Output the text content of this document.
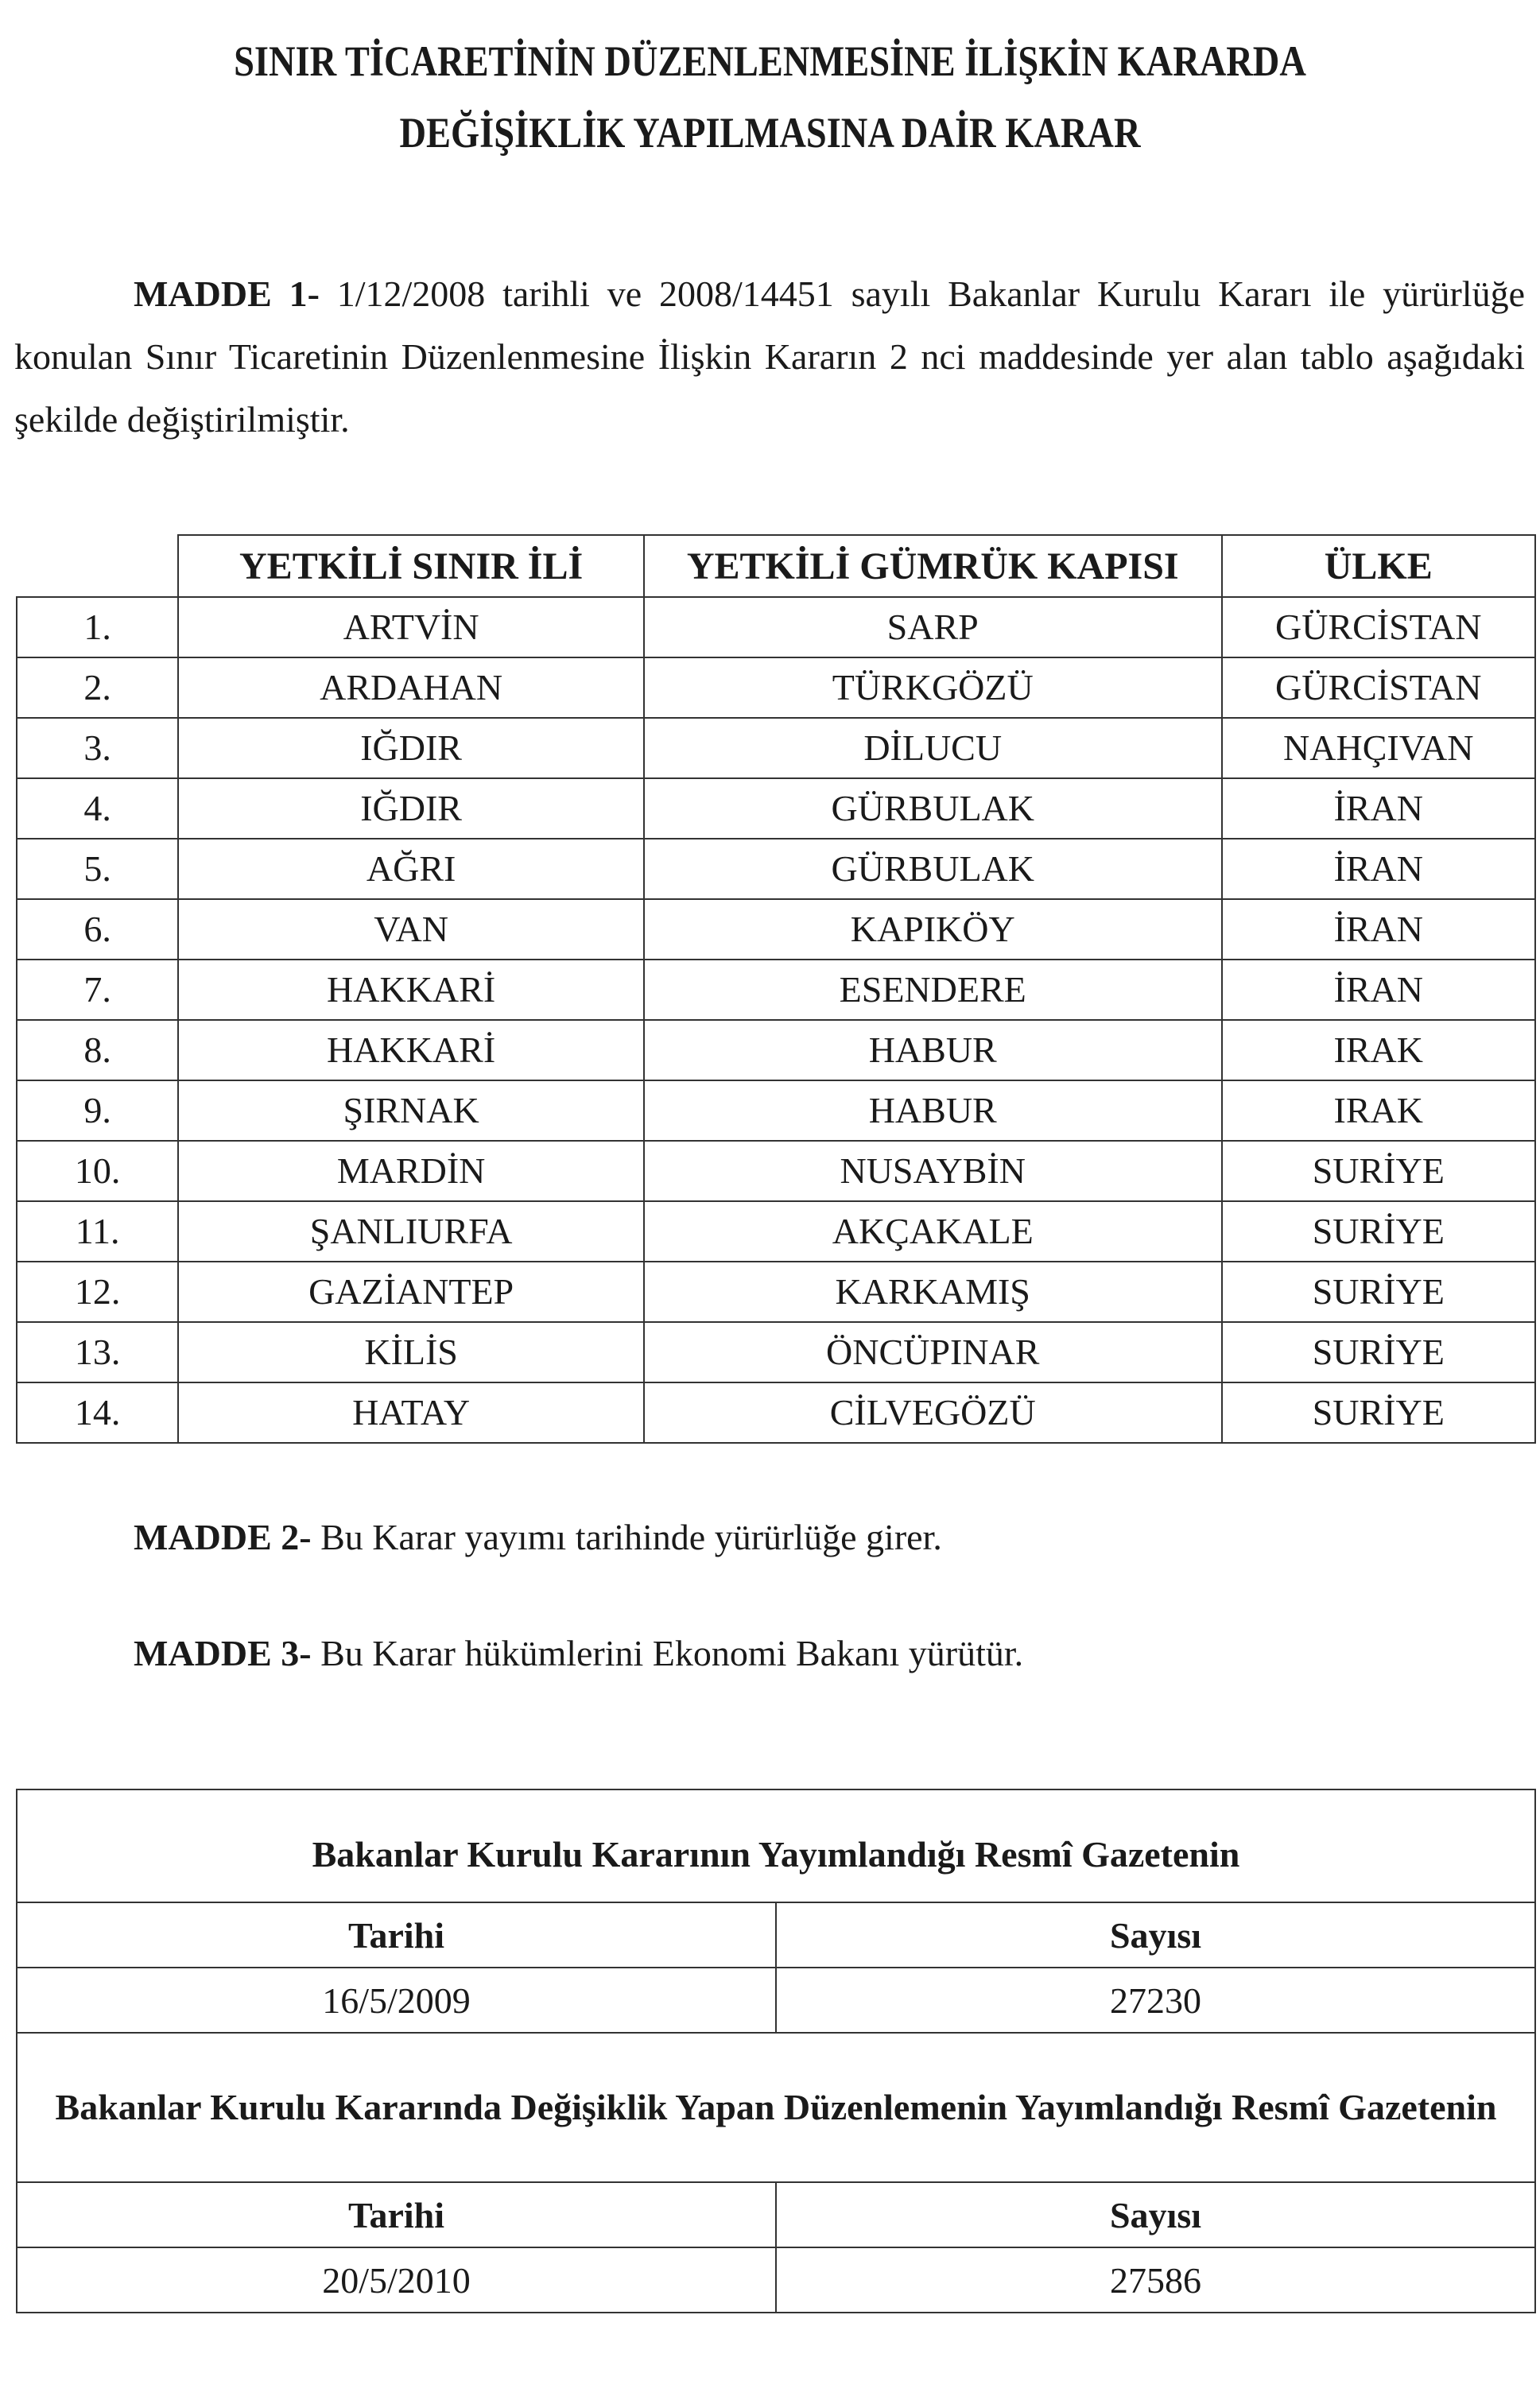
SINIR TİCARETİNİN DÜZENLENMESİNE İLİŞKİN KARARDA
DEĞİŞİKLİK YAPILMASINA DAİR KARAR
MADDE 1- 1/12/2008 tarihli ve 2008/14451 sayılı Bakanlar Kurulu Kararı ile yürürlüğe konulan Sınır Ticaretinin Düzenlenmesine İlişkin Kararın 2 nci maddesinde yer alan tablo aşağıdaki şekilde değiştirilmiştir.
	YETKİLİ SINIR İLİ	YETKİLİ GÜMRÜK KAPISI	ÜLKE
1.	ARTVİN	SARP	GÜRCİSTAN
2.	ARDAHAN	TÜRKGÖZÜ	GÜRCİSTAN
3.	IĞDIR	DİLUCU	NAHÇIVAN
4.	IĞDIR	GÜRBULAK	İRAN
5.	AĞRI	GÜRBULAK	İRAN
6.	VAN	KAPIKÖY	İRAN
7.	HAKKARİ	ESENDERE	İRAN
8.	HAKKARİ	HABUR	IRAK
9.	ŞIRNAK	HABUR	IRAK
10.	MARDİN	NUSAYBİN	SURİYE
11.	ŞANLIURFA	AKÇAKALE	SURİYE
12.	GAZİANTEP	KARKAMIŞ	SURİYE
13.	KİLİS	ÖNCÜPINAR	SURİYE
14.	HATAY	CİLVEGÖZÜ	SURİYE
MADDE 2- Bu Karar yayımı tarihinde yürürlüğe girer.
MADDE 3- Bu Karar hükümlerini Ekonomi Bakanı yürütür.
Bakanlar Kurulu Kararının Yayımlandığı Resmî Gazetenin	
Tarihi	Sayısı
16/5/2009	27230
Bakanlar Kurulu Kararında Değişiklik Yapan Düzenlemenin Yayımlandığı Resmî Gazetenin	
Tarihi	Sayısı
20/5/2010	27586
